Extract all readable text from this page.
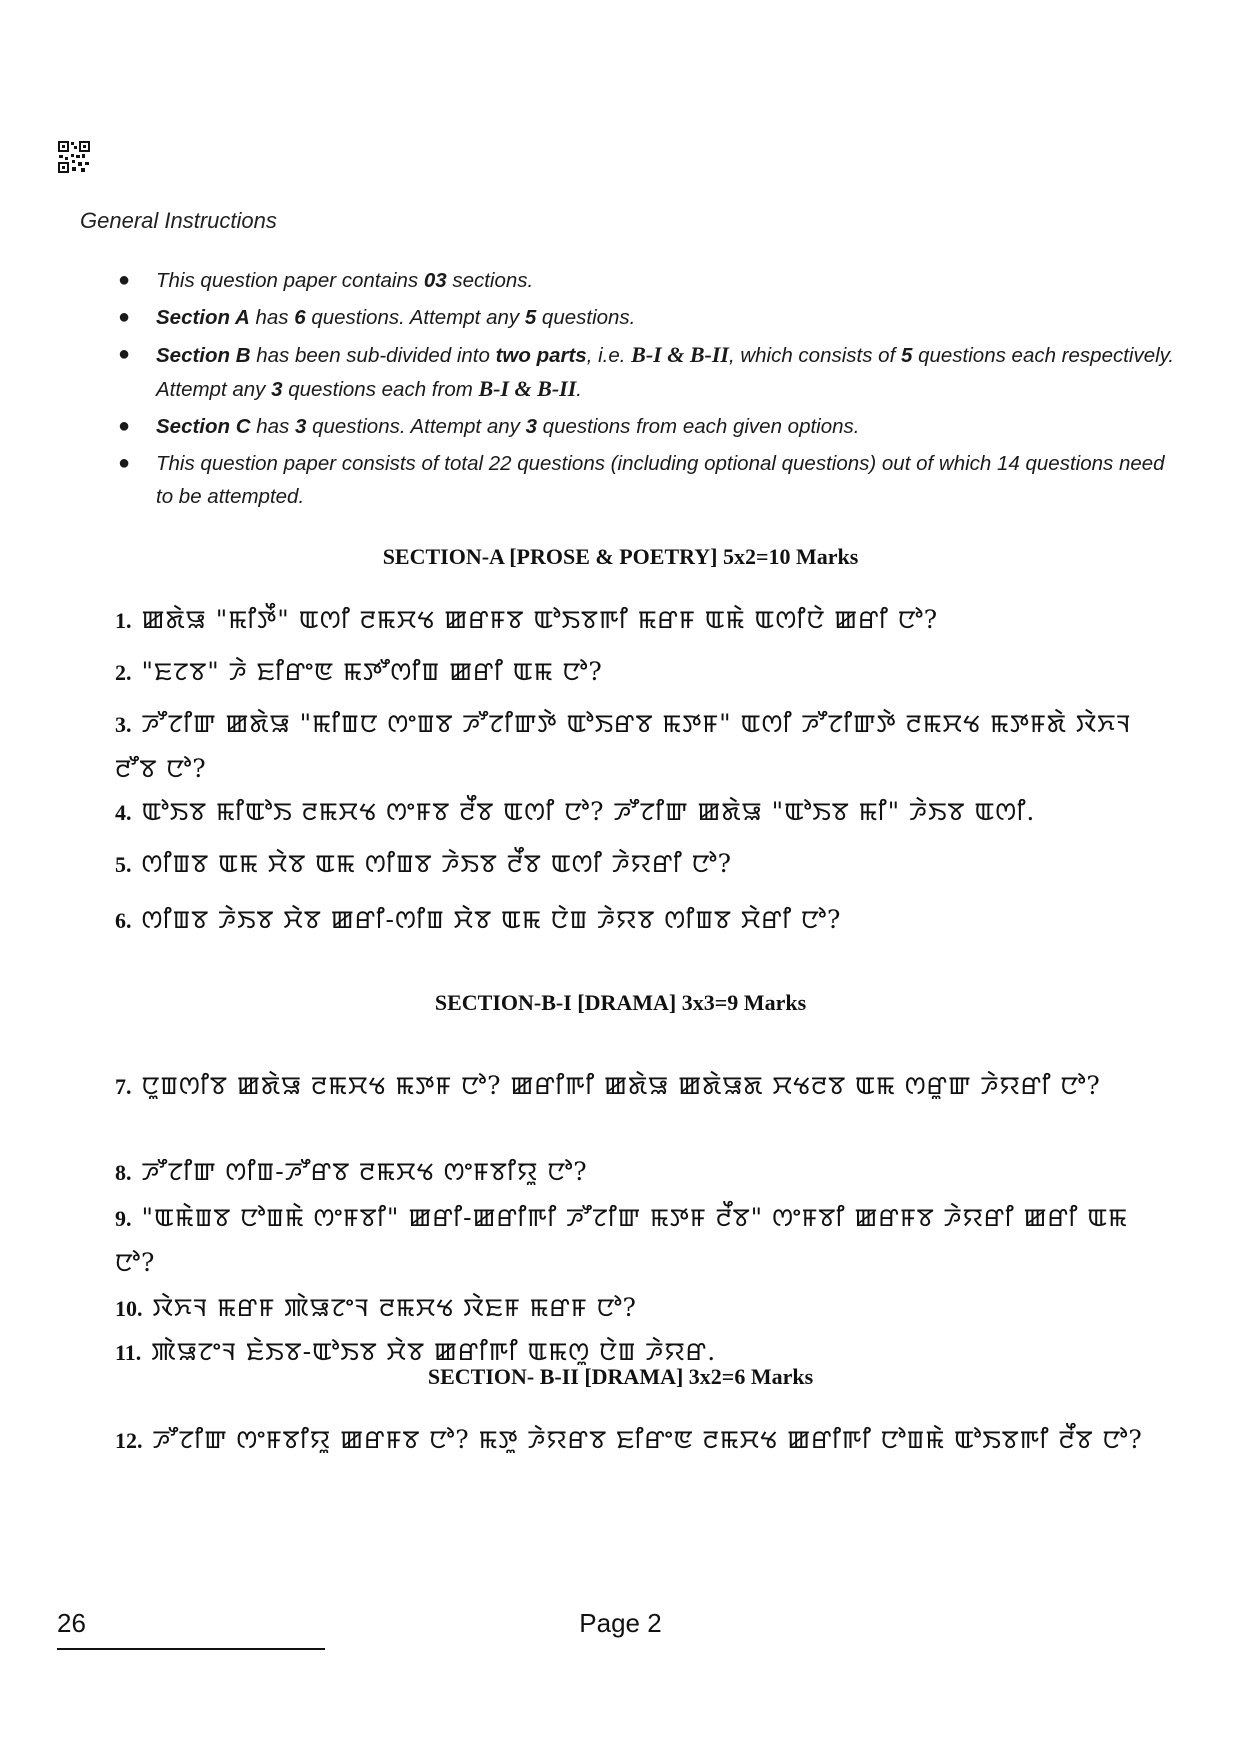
General Instructions
● This question paper contains 03 sections.
● Section A has 6 questions. Attempt any 5 questions.
● Section B has been sub-divided into two parts, i.e. B-I & B-II, which consists of 5 questions each respectively. Attempt any 3 questions each from B-I & B-II.
● Section C has 3 questions. Attempt any 3 questions from each given options.
● This question paper consists of total 22 questions (including optional questions) out of which 14 questions need to be attempted.
SECTION-A [PROSE & POETRY] 5x2=10 Marks
1. ꯀꯗꯥꯎ "ꯃꯤꯇꯩ" ꯑꯁꯤ ꯂꯃꯆꯠ ꯀꯔꯝꯕ ꯑꯣꯏꯕꯒꯤ ꯃꯔꯝ ꯑꯃꯥ ꯑꯁꯤꯅꯥ ꯀꯔꯤ ꯅꯣ?
2. "ꯐꯖꯕ" ꯍꯥ ꯐꯤꯔꯦꯟ ꯃꯇꯧꯁꯤꯡ ꯀꯔꯤ ꯑꯃ ꯅꯣ?
3. ꯍꯧꯖꯤꯛ ꯀꯗꯥꯎ "ꯃꯤꯡꯅ ꯁꯦꯡꯕ ꯍꯧꯖꯤꯛꯇꯥ ꯑꯣꯏꯔꯕ ꯃꯇꯝ" ꯑꯁꯤ ꯍꯧꯖꯤꯛꯇꯥ ꯂꯃꯆꯠ ꯃꯇꯝꯗꯥ ꯋꯥꯈꯜ ꯂꯧꯕ ꯅꯣ?
4. ꯑꯣꯏꯕ ꯃꯤꯑꯣꯏ ꯂꯃꯆꯠ ꯁꯦꯝꯕ ꯂꯩꯕ ꯑꯁꯤ ꯅꯣ? ꯍꯧꯖꯤꯛ ꯀꯗꯥꯎ "ꯑꯣꯏꯕ ꯃꯤ" ꯍꯥꯏꯕ ꯑꯁꯤ.
5. ꯁꯤꯡꯕ ꯑꯃ ꯆꯥꯕ ꯑꯃ ꯁꯤꯡꯕ ꯍꯥꯏꯕ ꯂꯩꯕ ꯑꯁꯤ ꯍꯥꯌꯔꯤ ꯅꯣ?
6. ꯁꯤꯡꯕ ꯍꯥꯏꯕ ꯆꯥꯕ ꯀꯔꯤ-ꯁꯤꯡ ꯆꯥꯕ ꯑꯃ ꯅꯥꯡ ꯍꯥꯌꯕ ꯁꯤꯡꯕ ꯆꯥꯔꯤ ꯅꯣ?
SECTION-B-I [DRAMA] 3x3=9 Marks
7. ꯅꯨꯡꯁꯤꯕ ꯀꯗꯥꯎ ꯂꯃꯆꯠ ꯃꯇꯝ ꯅꯣ? ꯀꯔꯤꯒꯤ ꯀꯗꯥꯎ ꯀꯗꯥꯎꯗ ꯆꯠꯂꯕ ꯑꯃ ꯁꯔꯨꯛ ꯍꯥꯌꯔꯤ ꯅꯣ?
8. ꯍꯧꯖꯤꯛ ꯁꯤꯡ-ꯍꯧꯔꯕ ꯂꯃꯆꯠ ꯁꯦꯝꯕꯤꯌꯨ ꯅꯣ?
9. "ꯑꯃꯥꯡꯕ ꯅꯣꯡꯃꯥ ꯁꯦꯝꯕꯤ" ꯀꯔꯤ-ꯀꯔꯤꯒꯤ ꯍꯧꯖꯤꯛ ꯃꯇꯝ ꯂꯩꯕ" ꯁꯦꯝꯕꯤ ꯀꯔꯝꯕ ꯍꯥꯌꯔꯤ ꯀꯔꯤ ꯑꯃ ꯅꯣ?
10. ꯋꯥꯈꯜ ꯃꯔꯝ ꯄꯥꯎꯖꯦꯜ ꯂꯃꯆꯠ ꯋꯥꯐꯝ ꯃꯔꯝ ꯅꯣ?
11. ꯄꯥꯎꯖꯦꯜ ꯐꯥꯏꯕ-ꯑꯣꯏꯕ ꯆꯥꯕ ꯀꯔꯤꯒꯤ ꯑꯃꯁꯨ ꯅꯥꯡ ꯍꯥꯌꯔ.
SECTION- B-II [DRAMA] 3x2=6 Marks
12. ꯍꯧꯖꯤꯛ ꯁꯦꯝꯕꯤꯌꯨ ꯀꯔꯝꯕ ꯅꯣ? ꯃꯇꯨ ꯍꯥꯌꯔꯕ ꯐꯤꯔꯦꯟ ꯂꯃꯆꯠ ꯀꯔꯤꯒꯤ ꯅꯣꯡꯃꯥ ꯑꯣꯏꯕꯒꯤ ꯂꯩꯕ ꯅꯣ?
26	Page 2
